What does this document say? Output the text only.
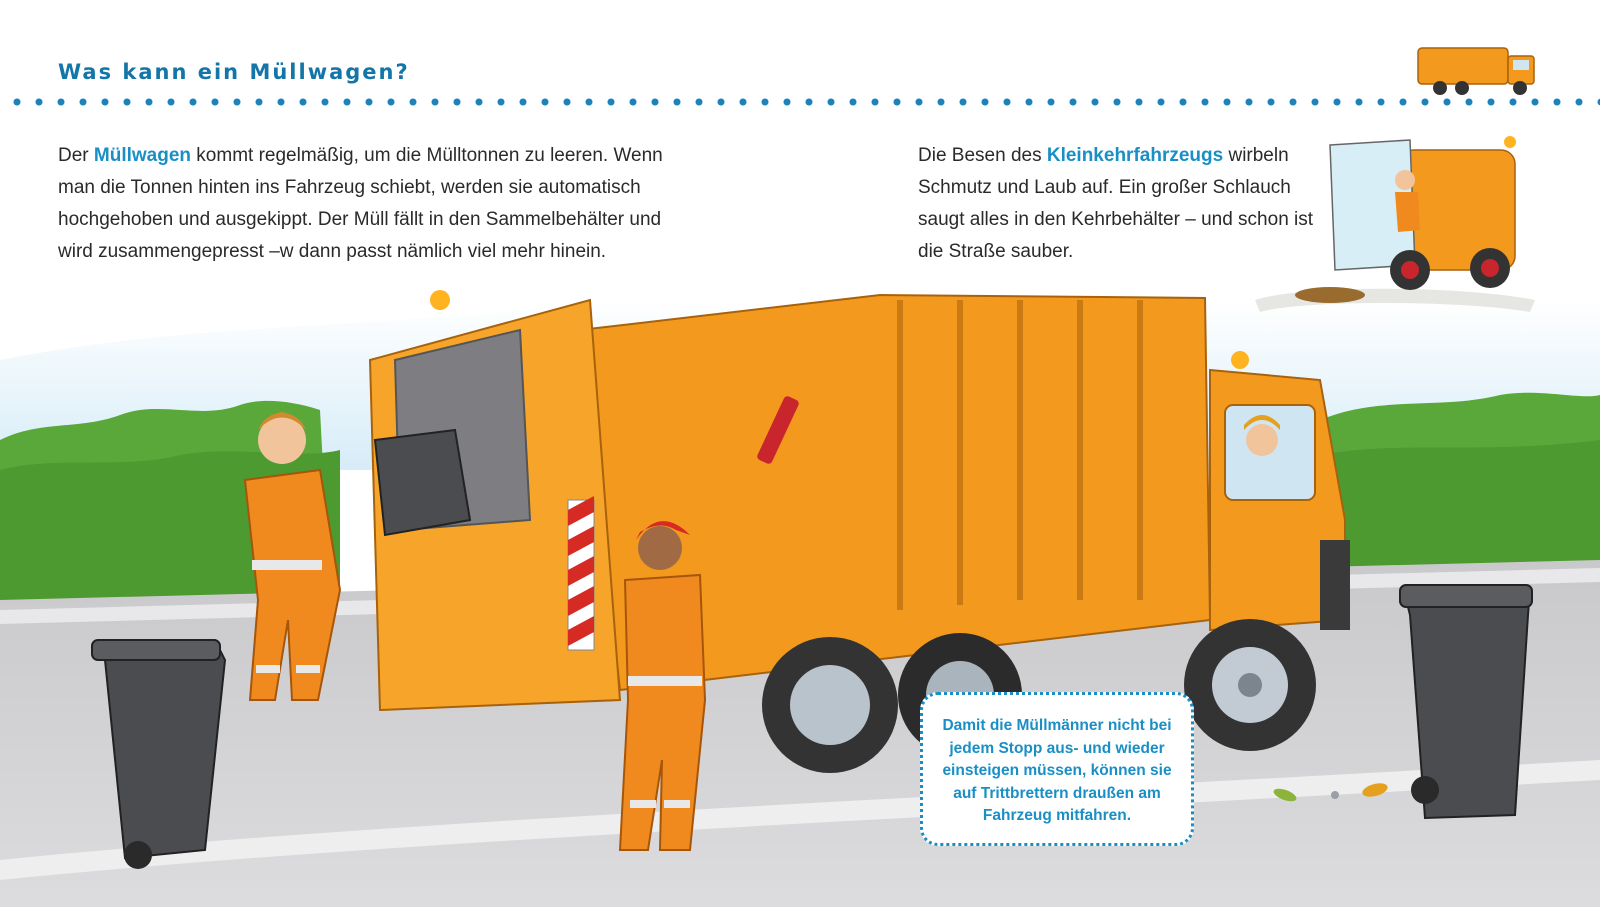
Was kann ein Müllwagen?
Der Müllwagen kommt regelmäßig, um die Mülltonnen zu leeren. Wenn man die Tonnen hinten ins Fahrzeug schiebt, werden sie automatisch hochgehoben und ausgekippt. Der Müll fällt in den Sammelbehälter und wird zusammengepresst –w dann passt nämlich viel mehr hinein.
Die Besen des Kleinkehrfahrzeugs wirbeln Schmutz und Laub auf. Ein großer Schlauch saugt alles in den Kehrbehälter – und schon ist die Straße sauber.
Damit die Müllmänner nicht bei jedem Stopp aus- und wieder einsteigen müssen, können sie auf Trittbrettern draußen am Fahrzeug mitfahren.
